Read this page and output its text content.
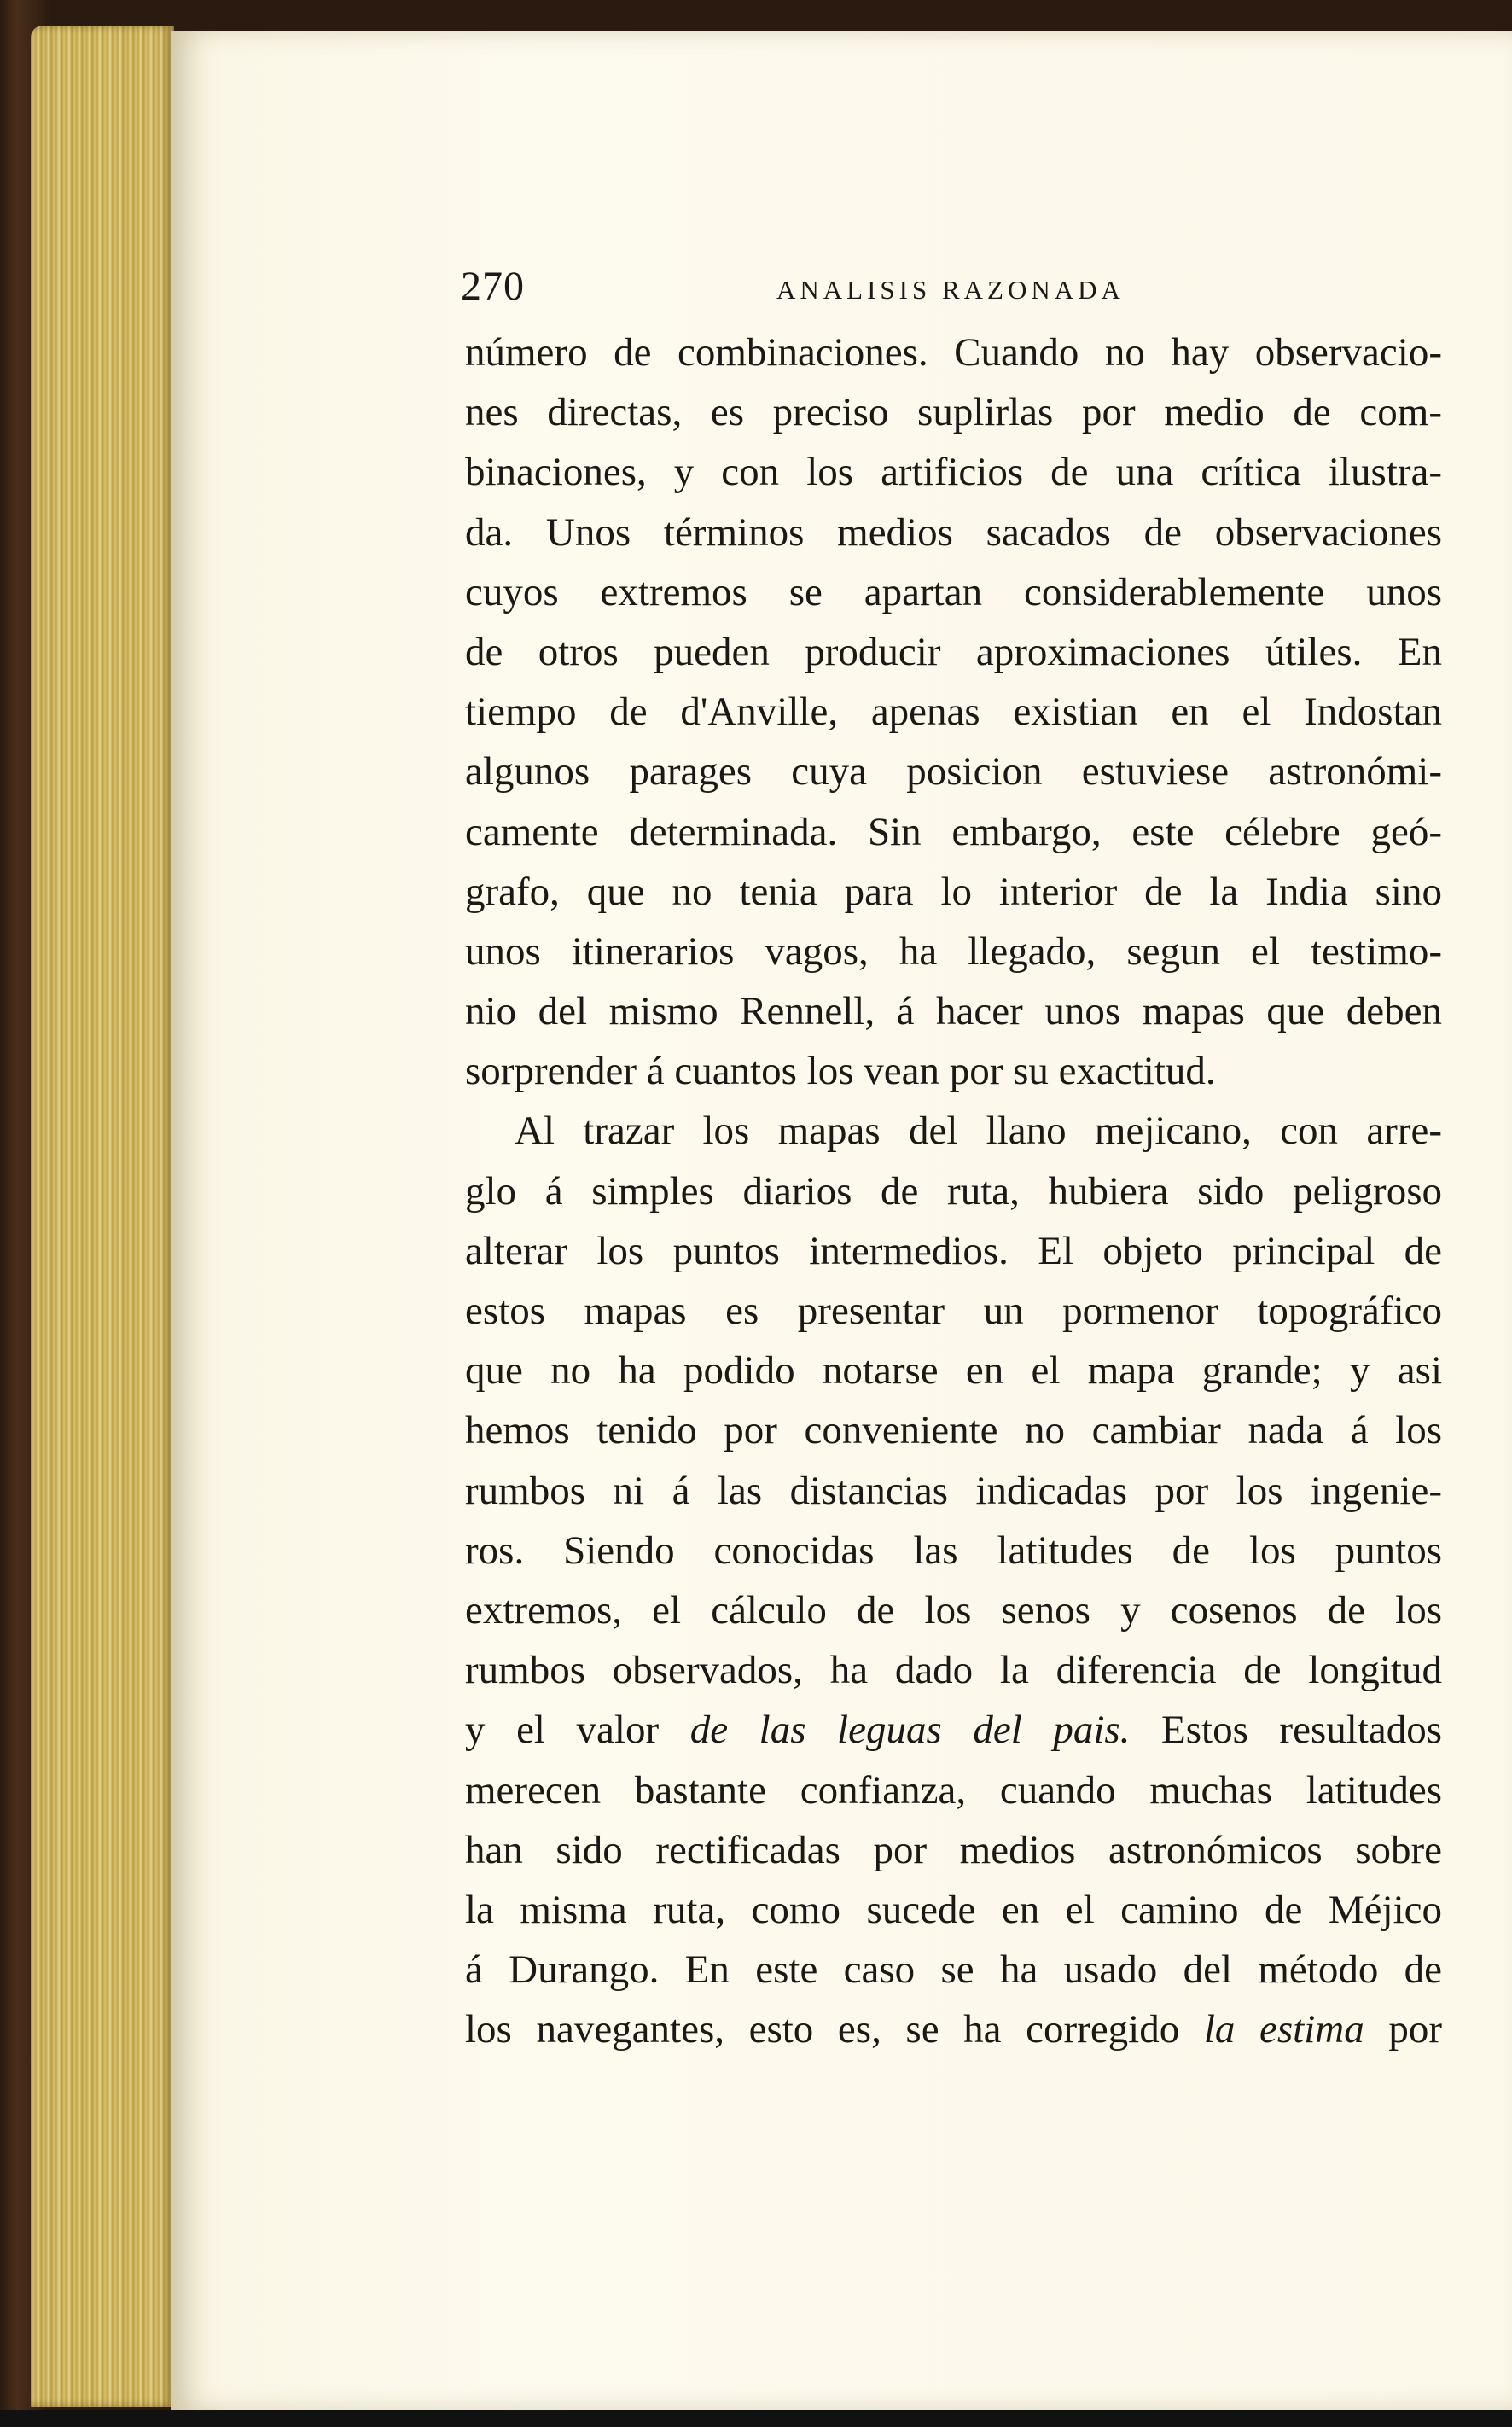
270	ANALISIS RAZONADA
número de combinaciones. Cuando no hay observacio-
nes directas, es preciso suplirlas por medio de com-
binaciones, y con los artificios de una crítica ilustra-
da. Unos términos medios sacados de observaciones
cuyos extremos se apartan considerablemente unos
de otros pueden producir aproximaciones útiles. En
tiempo de d'Anville, apenas existian en el Indostan
algunos parages cuya posicion estuviese astronómi-
camente determinada. Sin embargo, este célebre geó-
grafo, que no tenia para lo interior de la India sino
unos itinerarios vagos, ha llegado, segun el testimo-
nio del mismo Rennell, á hacer unos mapas que deben
sorprender á cuantos los vean por su exactitud.
Al trazar los mapas del llano mejicano, con arre-
glo á simples diarios de ruta, hubiera sido peligroso
alterar los puntos intermedios. El objeto principal de
estos mapas es presentar un pormenor topográfico
que no ha podido notarse en el mapa grande; y asi
hemos tenido por conveniente no cambiar nada á los
rumbos ni á las distancias indicadas por los ingenie-
ros. Siendo conocidas las latitudes de los puntos
extremos, el cálculo de los senos y cosenos de los
rumbos observados, ha dado la diferencia de longitud
y el valor de las leguas del pais. Estos resultados
merecen bastante confianza, cuando muchas latitudes
han sido rectificadas por medios astronómicos sobre
la misma ruta, como sucede en el camino de Méjico
á Durango. En este caso se ha usado del método de
los navegantes, esto es, se ha corregido la estima por
